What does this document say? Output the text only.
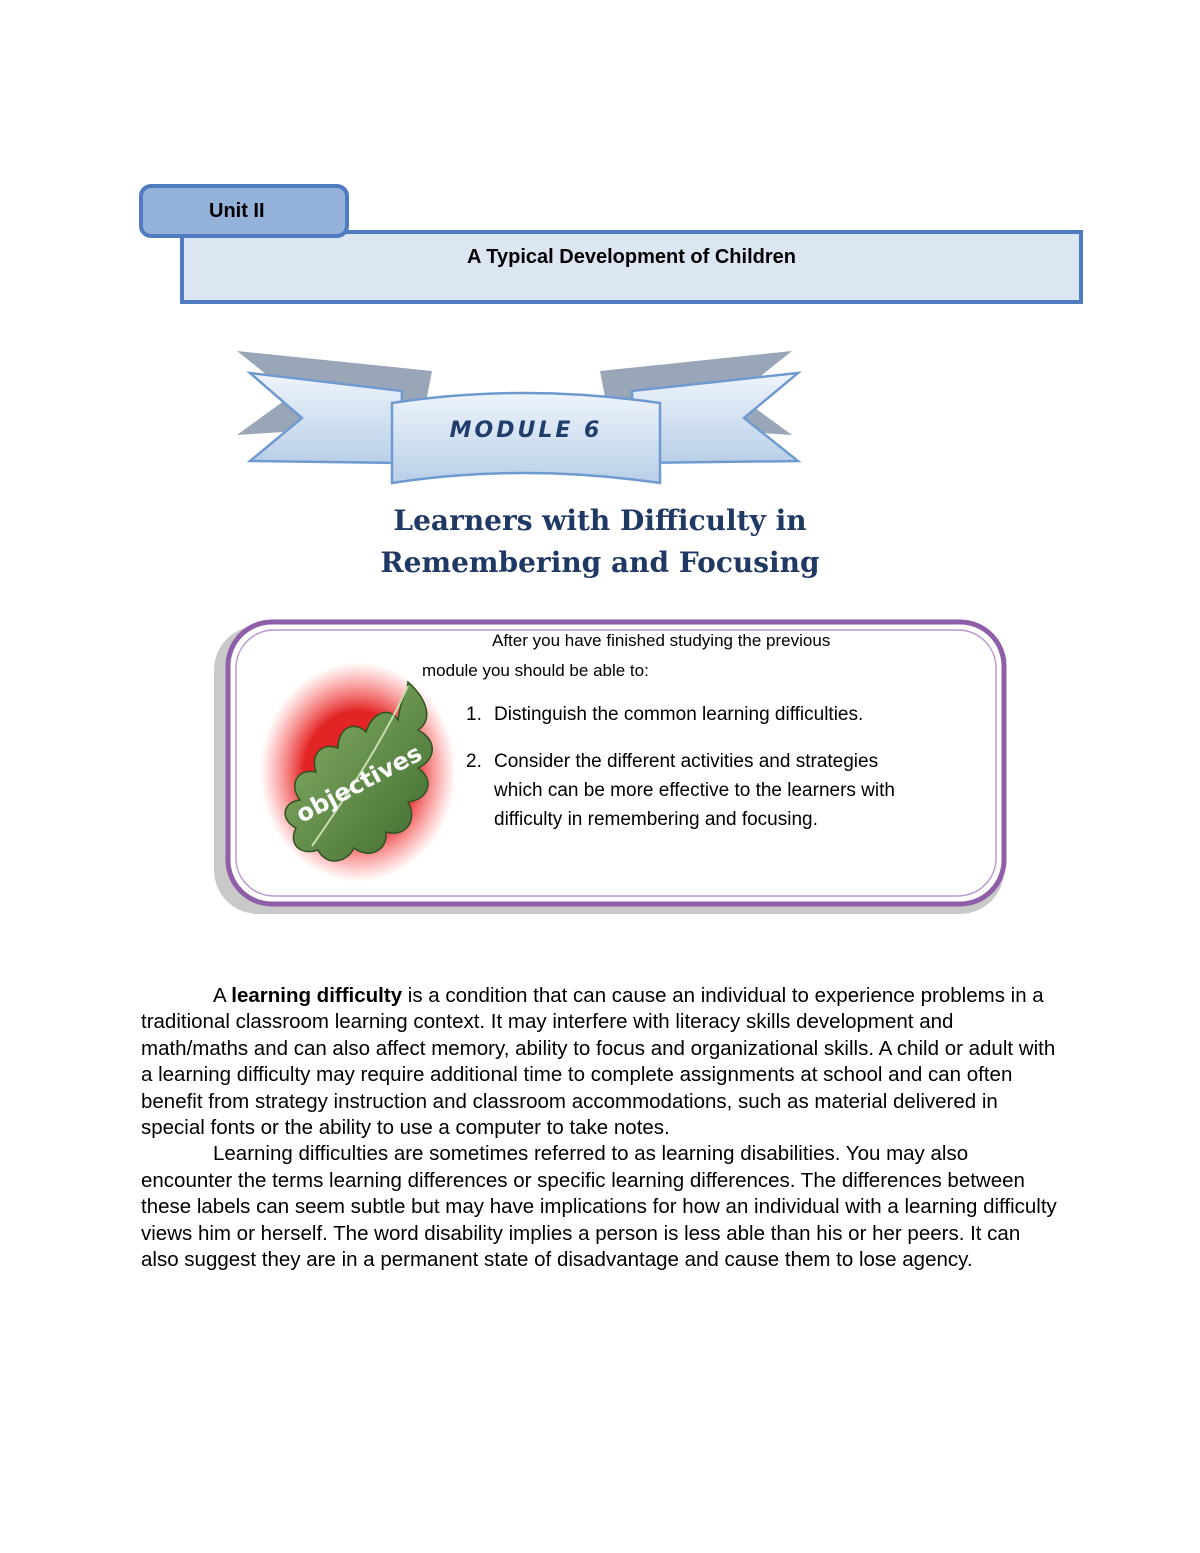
A Typical Development of Children
Unit II
MODULE 6
Learners with Difficulty in
Remembering and Focusing
objectives
After you have finished studying the previous
module you should be able to:
1. Distinguish the common learning difficulties.
2. Consider the different activities and strategies which can be more effective to the learners with difficulty in remembering and focusing.

A learning difficulty is a condition that can cause an individual to experience problems in a traditional classroom learning context. It may interfere with literacy skills development and math/maths and can also affect memory, ability to focus and organizational skills. A child or adult with a learning difficulty may require additional time to complete assignments at school and can often benefit from strategy instruction and classroom accommodations, such as material delivered in special fonts or the ability to use a computer to take notes.

Learning difficulties are sometimes referred to as learning disabilities. You may also encounter the terms learning differences or specific learning differences. The differences between these labels can seem subtle but may have implications for how an individual with a learning difficulty views him or herself. The word disability implies a person is less able than his or her peers. It can also suggest they are in a permanent state of disadvantage and cause them to lose agency.
